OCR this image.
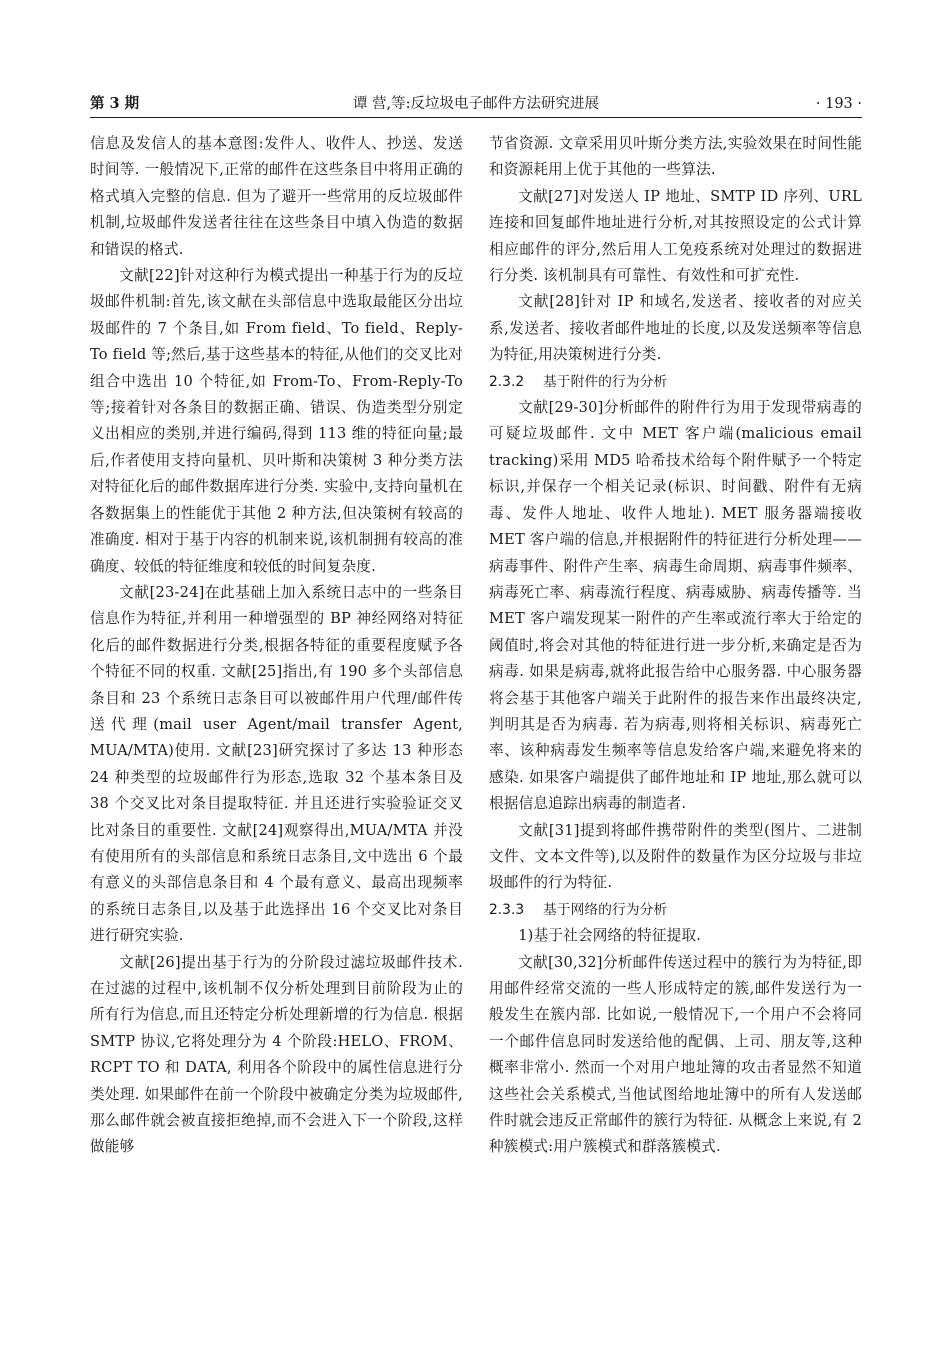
第 3 期	谭 营,等:反垃圾电子邮件方法研究进展	· 193 ·

信息及发信人的基本意图:发件人、收件人、抄送、发送时间等. 一般情况下,正常的邮件在这些条目中将用正确的格式填入完整的信息. 但为了避开一些常用的反垃圾邮件机制,垃圾邮件发送者往往在这些条目中填入伪造的数据和错误的格式.

文献[22]针对这种行为模式提出一种基于行为的反垃圾邮件机制:首先,该文献在头部信息中选取最能区分出垃圾邮件的 7 个条目,如 From field、To field、Reply-To field 等;然后,基于这些基本的特征,从他们的交叉比对组合中选出 10 个特征,如 From-To、From-Reply-To 等;接着针对各条目的数据正确、错误、伪造类型分别定义出相应的类别,并进行编码,得到 113 维的特征向量;最后,作者使用支持向量机、贝叶斯和决策树 3 种分类方法对特征化后的邮件数据库进行分类. 实验中,支持向量机在各数据集上的性能优于其他 2 种方法,但决策树有较高的准确度. 相对于基于内容的机制来说,该机制拥有较高的准确度、较低的特征维度和较低的时间复杂度.

文献[23-24]在此基础上加入系统日志中的一些条目信息作为特征,并利用一种增强型的 BP 神经网络对特征化后的邮件数据进行分类,根据各特征的重要程度赋予各个特征不同的权重. 文献[25]指出,有 190 多个头部信息条目和 23 个系统日志条目可以被邮件用户代理/邮件传送代理(mail user Agent/mail transfer Agent, MUA/MTA)使用. 文献[23]研究探讨了多达 13 种形态 24 种类型的垃圾邮件行为形态,选取 32 个基本条目及 38 个交叉比对条目提取特征. 并且还进行实验验证交叉比对条目的重要性. 文献[24]观察得出,MUA/MTA 并没有使用所有的头部信息和系统日志条目,文中选出 6 个最有意义的头部信息条目和 4 个最有意义、最高出现频率的系统日志条目,以及基于此选择出 16 个交叉比对条目进行研究实验.

文献[26]提出基于行为的分阶段过滤垃圾邮件技术. 在过滤的过程中,该机制不仅分析处理到目前阶段为止的所有行为信息,而且还特定分析处理新增的行为信息. 根据 SMTP 协议,它将处理分为 4 个阶段:HELO、FROM、RCPT TO 和 DATA, 利用各个阶段中的属性信息进行分类处理. 如果邮件在前一个阶段中被确定分类为垃圾邮件,那么邮件就会被直接拒绝掉,而不会进入下一个阶段,这样做能够

节省资源. 文章采用贝叶斯分类方法,实验效果在时间性能和资源耗用上优于其他的一些算法.

文献[27]对发送人 IP 地址、SMTP ID 序列、URL 连接和回复邮件地址进行分析,对其按照设定的公式计算相应邮件的评分,然后用人工免疫系统对处理过的数据进行分类. 该机制具有可靠性、有效性和可扩充性.

文献[28]针对 IP 和域名,发送者、接收者的对应关系,发送者、接收者邮件地址的长度,以及发送频率等信息为特征,用决策树进行分类.

2.3.2 基于附件的行为分析

文献[29-30]分析邮件的附件行为用于发现带病毒的可疑垃圾邮件. 文中 MET 客户端(malicious email tracking)采用 MD5 哈希技术给每个附件赋予一个特定标识,并保存一个相关记录(标识、时间戳、附件有无病毒、发件人地址、收件人地址). MET 服务器端接收 MET 客户端的信息,并根据附件的特征进行分析处理——病毒事件、附件产生率、病毒生命周期、病毒事件频率、病毒死亡率、病毒流行程度、病毒威胁、病毒传播等. 当 MET 客户端发现某一附件的产生率或流行率大于给定的阈值时,将会对其他的特征进行进一步分析,来确定是否为病毒. 如果是病毒,就将此报告给中心服务器. 中心服务器将会基于其他客户端关于此附件的报告来作出最终决定,判明其是否为病毒. 若为病毒,则将相关标识、病毒死亡率、该种病毒发生频率等信息发给客户端,来避免将来的感染. 如果客户端提供了邮件地址和 IP 地址,那么就可以根据信息追踪出病毒的制造者.

文献[31]提到将邮件携带附件的类型(图片、二进制文件、文本文件等),以及附件的数量作为区分垃圾与非垃圾邮件的行为特征.

2.3.3 基于网络的行为分析

1)基于社会网络的特征提取.

文献[30,32]分析邮件传送过程中的簇行为为特征,即用邮件经常交流的一些人形成特定的簇,邮件发送行为一般发生在簇内部. 比如说,一般情况下,一个用户不会将同一个邮件信息同时发送给他的配偶、上司、朋友等,这种概率非常小. 然而一个对用户地址簿的攻击者显然不知道这些社会关系模式,当他试图给地址簿中的所有人发送邮件时就会违反正常邮件的簇行为特征. 从概念上来说,有 2 种簇模式:用户簇模式和群落簇模式.
